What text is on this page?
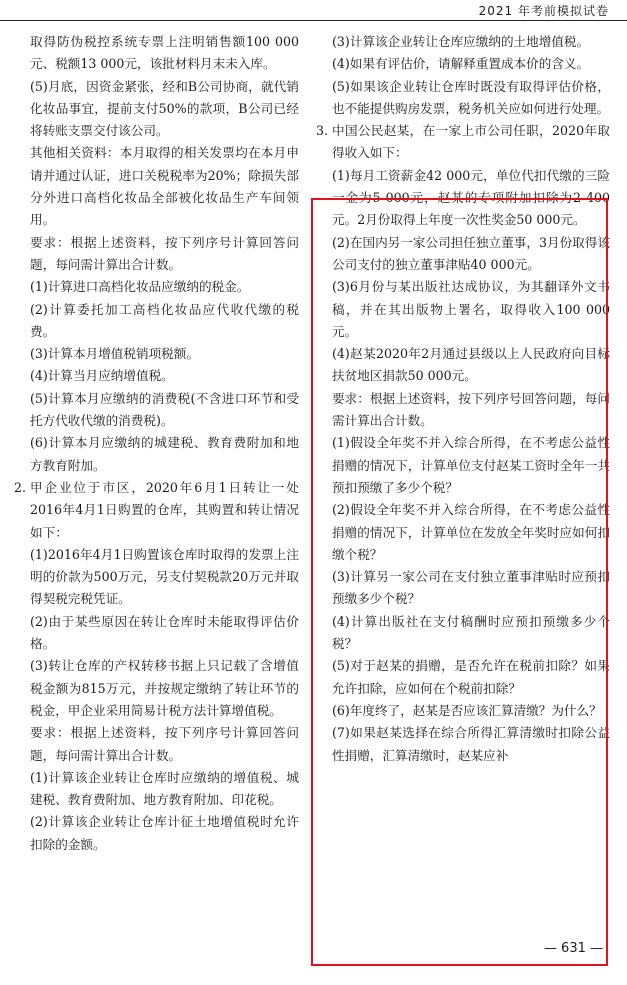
2021 年考前模拟试卷

取得防伪税控系统专票上注明销售额100 000元、税额13 000元，该批材料月末未入库。

(5)月底，因资金紧张，经和B公司协商，就代销化妆品事宜，提前支付50%的款项，B公司已经将转账支票交付该公司。

其他相关资料：本月取得的相关发票均在本月申请并通过认证，进口关税税率为20%；除损失部分外进口高档化妆品全部被化妆品生产车间领用。

要求：根据上述资料，按下列序号计算回答问题，每问需计算出合计数。

(1)计算进口高档化妆品应缴纳的税金。

(2)计算委托加工高档化妆品应代收代缴的税费。

(3)计算本月增值税销项税额。

(4)计算当月应纳增值税。

(5)计算本月应缴纳的消费税(不含进口环节和受托方代收代缴的消费税)。

(6)计算本月应缴纳的城建税、教育费附加和地方教育附加。

2. 甲企业位于市区，2020年6月1日转让一处2016年4月1日购置的仓库，其购置和转让情况如下：

(1)2016年4月1日购置该仓库时取得的发票上注明的价款为500万元，另支付契税款20万元并取得契税完税凭证。

(2)由于某些原因在转让仓库时未能取得评估价格。

(3)转让仓库的产权转移书据上只记载了含增值税金额为815万元，并按规定缴纳了转让环节的税金，甲企业采用简易计税方法计算增值税。

要求：根据上述资料，按下列序号计算回答问题，每问需计算出合计数。

(1)计算该企业转让仓库时应缴纳的增值税、城建税、教育费附加、地方教育附加、印花税。

(2)计算该企业转让仓库计征土地增值税时允许扣除的金额。

(3)计算该企业转让仓库应缴纳的土地增值税。

(4)如果有评估价，请解释重置成本价的含义。

(5)如果该企业转让仓库时既没有取得评估价格，也不能提供购房发票，税务机关应如何进行处理。

3. 中国公民赵某，在一家上市公司任职，2020年取得收入如下：

(1)每月工资薪金42 000元，单位代扣代缴的三险一金为5 000元，赵某的专项附加扣除为2 400元。2月份取得上年度一次性奖金50 000元。

(2)在国内另一家公司担任独立董事，3月份取得该公司支付的独立董事津贴40 000元。

(3)6月份与某出版社达成协议，为其翻译外文书稿，并在其出版物上署名，取得收入100 000元。

(4)赵某2020年2月通过县级以上人民政府向目标扶贫地区捐款50 000元。

要求：根据上述资料，按下列序号回答问题，每问需计算出合计数。

(1)假设全年奖不并入综合所得，在不考虑公益性捐赠的情况下，计算单位支付赵某工资时全年一共预扣预缴了多少个税？

(2)假设全年奖不并入综合所得，在不考虑公益性捐赠的情况下，计算单位在发放全年奖时应如何扣缴个税？

(3)计算另一家公司在支付独立董事津贴时应预扣预缴多少个税？

(4)计算出版社在支付稿酬时应预扣预缴多少个税？

(5)对于赵某的捐赠，是否允许在税前扣除？如果允许扣除，应如何在个税前扣除？

(6)年度终了，赵某是否应该汇算清缴？为什么？

(7)如果赵某选择在综合所得汇算清缴时扣除公益性捐赠，汇算清缴时，赵某应补

— 631 —
